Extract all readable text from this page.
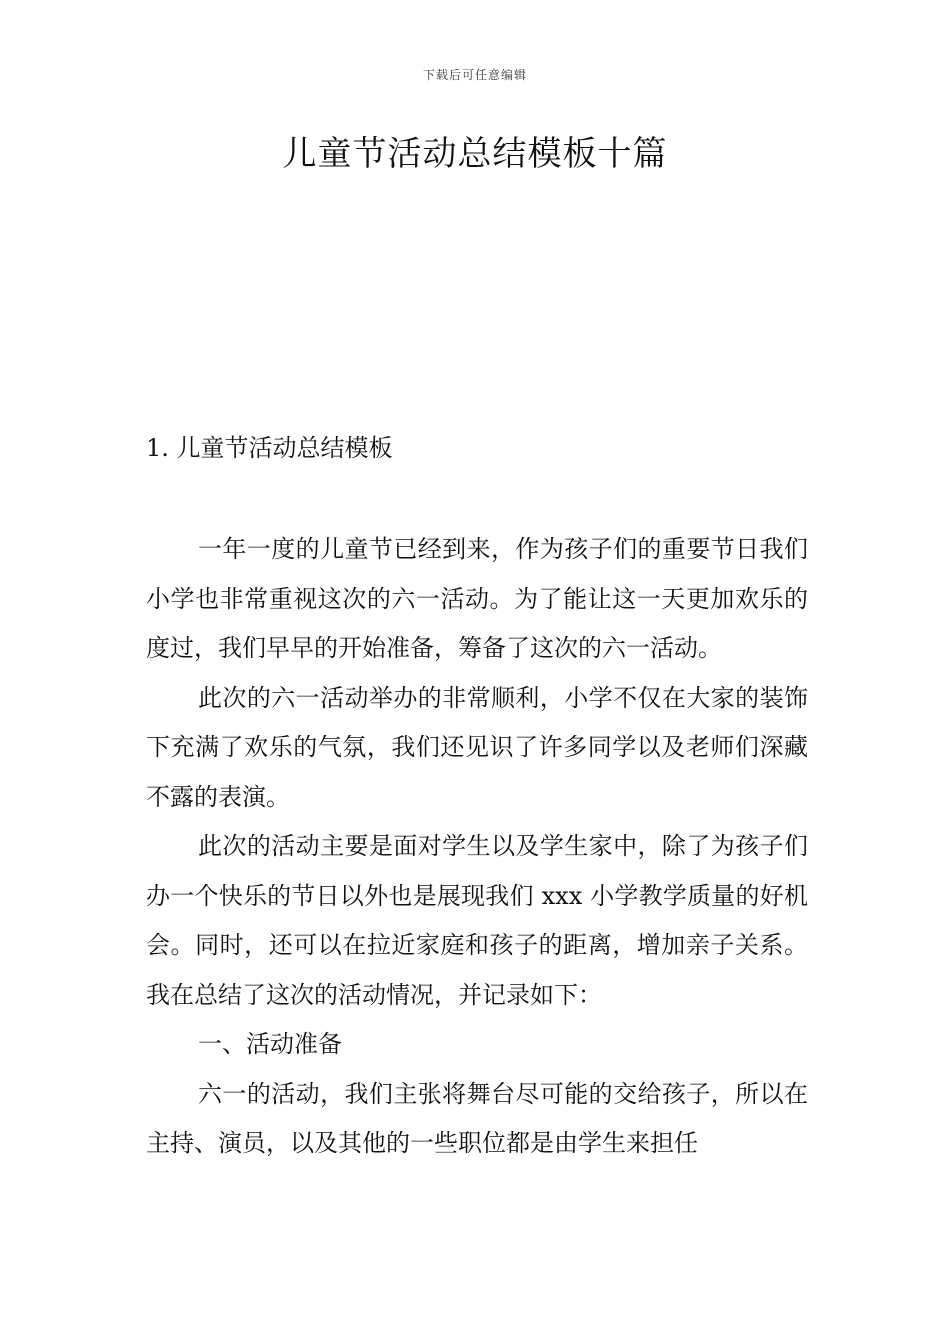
下载后可任意编辑
儿童节活动总结模板十篇
1. 儿童节活动总结模板

一年一度的儿童节已经到来，作为孩子们的重要节日我们小学也非常重视这次的六一活动。为了能让这一天更加欢乐的度过，我们早早的开始准备，筹备了这次的六一活动。

此次的六一活动举办的非常顺利，小学不仅在大家的装饰下充满了欢乐的气氛，我们还见识了许多同学以及老师们深藏不露的表演。

此次的活动主要是面对学生以及学生家中，除了为孩子们办一个快乐的节日以外也是展现我们 xxx 小学教学质量的好机会。同时，还可以在拉近家庭和孩子的距离，增加亲子关系。我在总结了这次的活动情况，并记录如下：

一、活动准备

六一的活动，我们主张将舞台尽可能的交给孩子，所以在主持、演员，以及其他的一些职位都是由学生来担任
